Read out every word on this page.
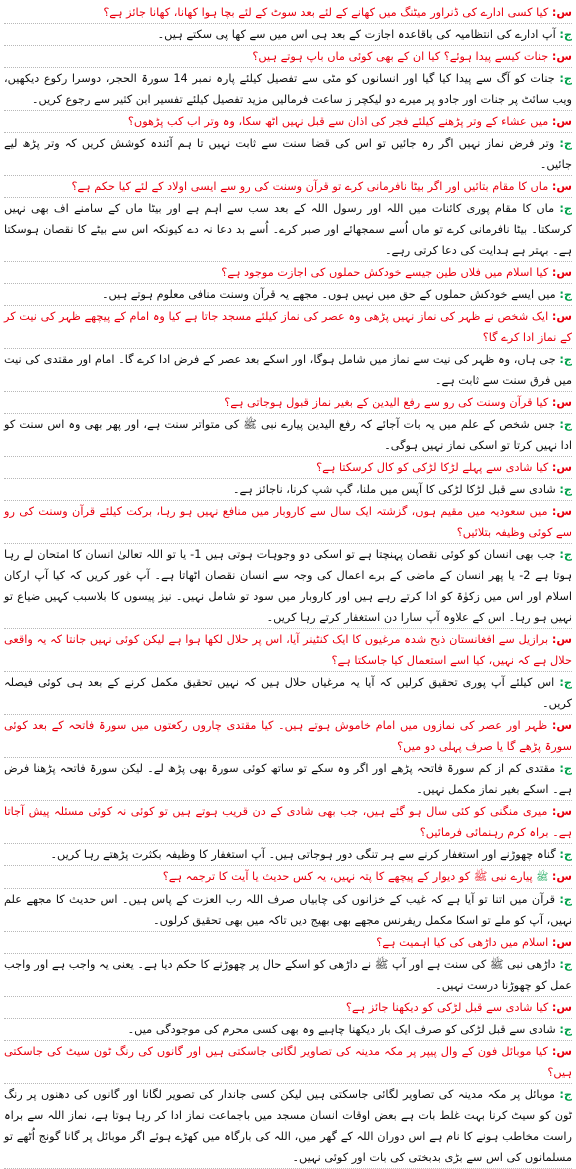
س: کیا کسی ادارے کی ڈنراور میٹنگ میں کھانے کے لئے بعد سوٹ کے لئے بچا ہوا کھانا، کھانا جائز ہے؟

ج: آپ ادارے کی انتظامیہ کی باقاعدہ اجازت کے بعد ہی اس میں سے کھا پی سکتے ہیں۔

س: جنات کیسے پیدا ہوئے؟ کیا ان کے بھی کوئی ماں باپ ہوتے ہیں؟

ج: جنات کو آگ سے پیدا کیا گیا اور انسانوں کو مٹی سے تفصیل کیلئے پارہ نمبر 14 سورۃ الحجر، دوسرا رکوع دیکھیں، ویب سائٹ پر جنات اور جادو پر میرے دو لیکچر ز ساعت فرمالیں مزید تفصیل کیلئے تفسیر ابن کثیر سے رجوع کریں۔

س: میں عشاء کے وتر پڑھنے کیلئے فجر کی اذان سے قبل نہیں اٹھ سکا، وہ وتر اب کب پڑھوں؟

ج: وتر فرض نماز نہیں اگر رہ جائیں تو اس کی قضا سنت سے ثابت نہیں تا ہم آئندہ کوشش کریں کہ وتر پڑھ لیے جائیں۔

س: ماں کا مقام بتائیں اور اگر بیٹا نافرمانی کرے تو قرآن وسنت کی رو سے ایسی اولاد کے لئے کیا حکم ہے؟

ج: ماں کا مقام پوری کائنات میں اللہ اور رسول اللہ کے بعد سب سے اہم ہے اور بیٹا ماں کے سامنے اف بھی نہیں کرسکتا۔ بیٹا نافرمانی کرے تو ماں اُسے سمجھائے اور صبر کرے۔ اُسے بد دعا نہ دے کیونکہ اس سے بیٹے کا نقصان ہوسکتا ہے۔ بہتر ہے ہدایت کی دعا کرتی رہے۔

س: کیا اسلام میں فلاں طین جیسے خودکش حملوں کی اجازت موجود ہے؟

ج: میں ایسے خودکش حملوں کے حق میں نہیں ہوں۔ مجھے یہ قرآن وسنت منافی معلوم ہوتے ہیں۔

س: ایک شخص نے ظہر کی نماز نہیں پڑھی وہ عصر کی نماز کیلئے مسجد جاتا ہے کیا وہ امام کے پیچھے ظہر کی نیت کر کے نماز ادا کرے گا؟

ج: جی ہاں، وہ ظہر کی نیت سے نماز میں شامل ہوگا، اور اسکے بعد عصر کے فرض ادا کرے گا۔ امام اور مقتدی کی نیت میں فرق سنت سے ثابت ہے۔

س: کیا قرآن وسنت کی رو سے رفع الیدین کے بغیر نماز قبول ہوجاتی ہے؟

ج: جس شخص کے علم میں یہ بات آجائے کہ رفع الیدین پیارے نبی ﷺ کی متواتر سنت ہے، اور پھر بھی وہ اس سنت کو ادا نہیں کرتا تو اسکی نماز نہیں ہوگی۔

س: کیا شادی سے پہلے لڑکا لڑکی کو کال کرسکتا ہے؟

ج: شادی سے قبل لڑکا لڑکی کا آپس میں ملنا، گپ شپ کرنا، ناجائز ہے۔

س: میں سعودیہ میں مقیم ہوں، گزشتہ ایک سال سے کاروبار میں منافع نہیں ہو رہا، برکت کیلئے قرآن وسنت کی رو سے کوئی وظیفہ بتلائیں؟

ج: جب بھی انسان کو کوئی نقصان پہنچتا ہے تو اسکی دو وجوہات ہوتی ہیں 1- یا تو اللہ تعالیٰ انسان کا امتحان لے رہا ہوتا ہے 2- یا پھر انسان کے ماضی کے برے اعمال کی وجہ سے انسان نقصان اٹھاتا ہے۔ آپ غور کریں کہ کیا آپ ارکان اسلام اور اس میں زکوٰۃ کو ادا کرتے رہے ہیں اور کاروبار میں سود تو شامل نہیں۔ نیز پیسوں کا بلاسبب کہیں ضیاع تو نہیں ہو رہا۔ اس کے علاوہ آپ سارا دن استغفار کرتے رہا کریں۔

س: برازیل سے افغانستان ذبح شدہ مرغیوں کا ایک کنٹینر آیا، اس پر حلال لکھا ہوا ہے لیکن کوئی نہیں جانتا کہ یہ واقعی حلال ہے کہ نہیں، کیا اسے استعمال کیا جاسکتا ہے؟

ج: اس کیلئے آپ پوری تحقیق کرلیں کہ آیا یہ مرغیاں حلال ہیں کہ نہیں تحقیق مکمل کرنے کے بعد ہی کوئی فیصلہ کریں۔

س: ظہر اور عصر کی نمازوں میں امام خاموش ہوتے ہیں۔ کیا مقتدی چاروں رکعتوں میں سورۃ فاتحہ کے بعد کوئی سورۃ پڑھے گا یا صرف پہلی دو میں؟

ج: مقتدی کم از کم سورۃ فاتحہ پڑھے اور اگر وہ سکے تو ساتھ کوئی سورۃ بھی پڑھ لے۔ لیکن سورۃ فاتحہ پڑھنا فرض ہے۔ اسکے بغیر نماز مکمل نہیں۔

س: میری منگنی کو کئی سال ہو گئے ہیں، جب بھی شادی کے دن قریب ہوتے ہیں تو کوئی نہ کوئی مسئلہ پیش آجاتا ہے۔ براہ کرم رہنمائی فرمائیں؟

ج: گناہ چھوڑنے اور استغفار کرنے سے ہر تنگی دور ہوجاتی ہیں۔ آپ استغفار کا وظیفہ بکثرت پڑھتے رہا کریں۔

س: ﷺ پیارے نبی ﷺ کو دیوار کے پیچھے کا پتہ نہیں، یہ کس حدیث یا آیت کا ترجمہ ہے؟

ج: قرآن میں اتنا تو آیا ہے کہ غیب کے خزانوں کی چابیاں صرف اللہ رب العزت کے پاس ہیں۔ اس حدیث کا مجھے علم نہیں، آپ کو ملے تو اسکا مکمل ریفرنس مجھے بھی بھیج دیں تاکہ میں بھی تحقیق کرلوں۔

س: اسلام میں داڑھی کی کیا اہمیت ہے؟

ج: داڑھی نبی ﷺ کی سنت ہے اور آپ ﷺ نے داڑھی کو اسکے حال پر چھوڑنے کا حکم دیا ہے۔ یعنی یہ واجب ہے اور واجب عمل کو چھوڑنا درست نہیں۔

س: کیا شادی سے قبل لڑکی کو دیکھنا جائز ہے؟

ج: شادی سے قبل لڑکی کو صرف ایک بار دیکھنا چاہیے وہ بھی کسی محرم کی موجودگی میں۔

س: کیا موبائل فون کے وال پیپر پر مکہ مدینہ کی تصاویر لگائی جاسکتی ہیں اور گانوں کی رنگ ٹون سیٹ کی جاسکتی ہیں؟

ج: موبائل پر مکہ مدینہ کی تصاویر لگائی جاسکتی ہیں لیکن کسی جاندار کی تصویر لگانا اور گانوں کی دھنوں پر رنگ ٹون کو سیٹ کرنا بہت غلط بات ہے بعض اوقات انسان مسجد میں باجماعت نماز ادا کر رہا ہوتا ہے، نماز اللہ سے براہ راست مخاطب ہونے کا نام ہے اس دوران اللہ کے گھر میں، اللہ کی بارگاہ میں کھڑے ہوئے اگر موبائل پر گانا گونج اُٹھے تو مسلمانوں کی اس سے بڑی بدبختی کی بات اور کوئی نہیں۔
